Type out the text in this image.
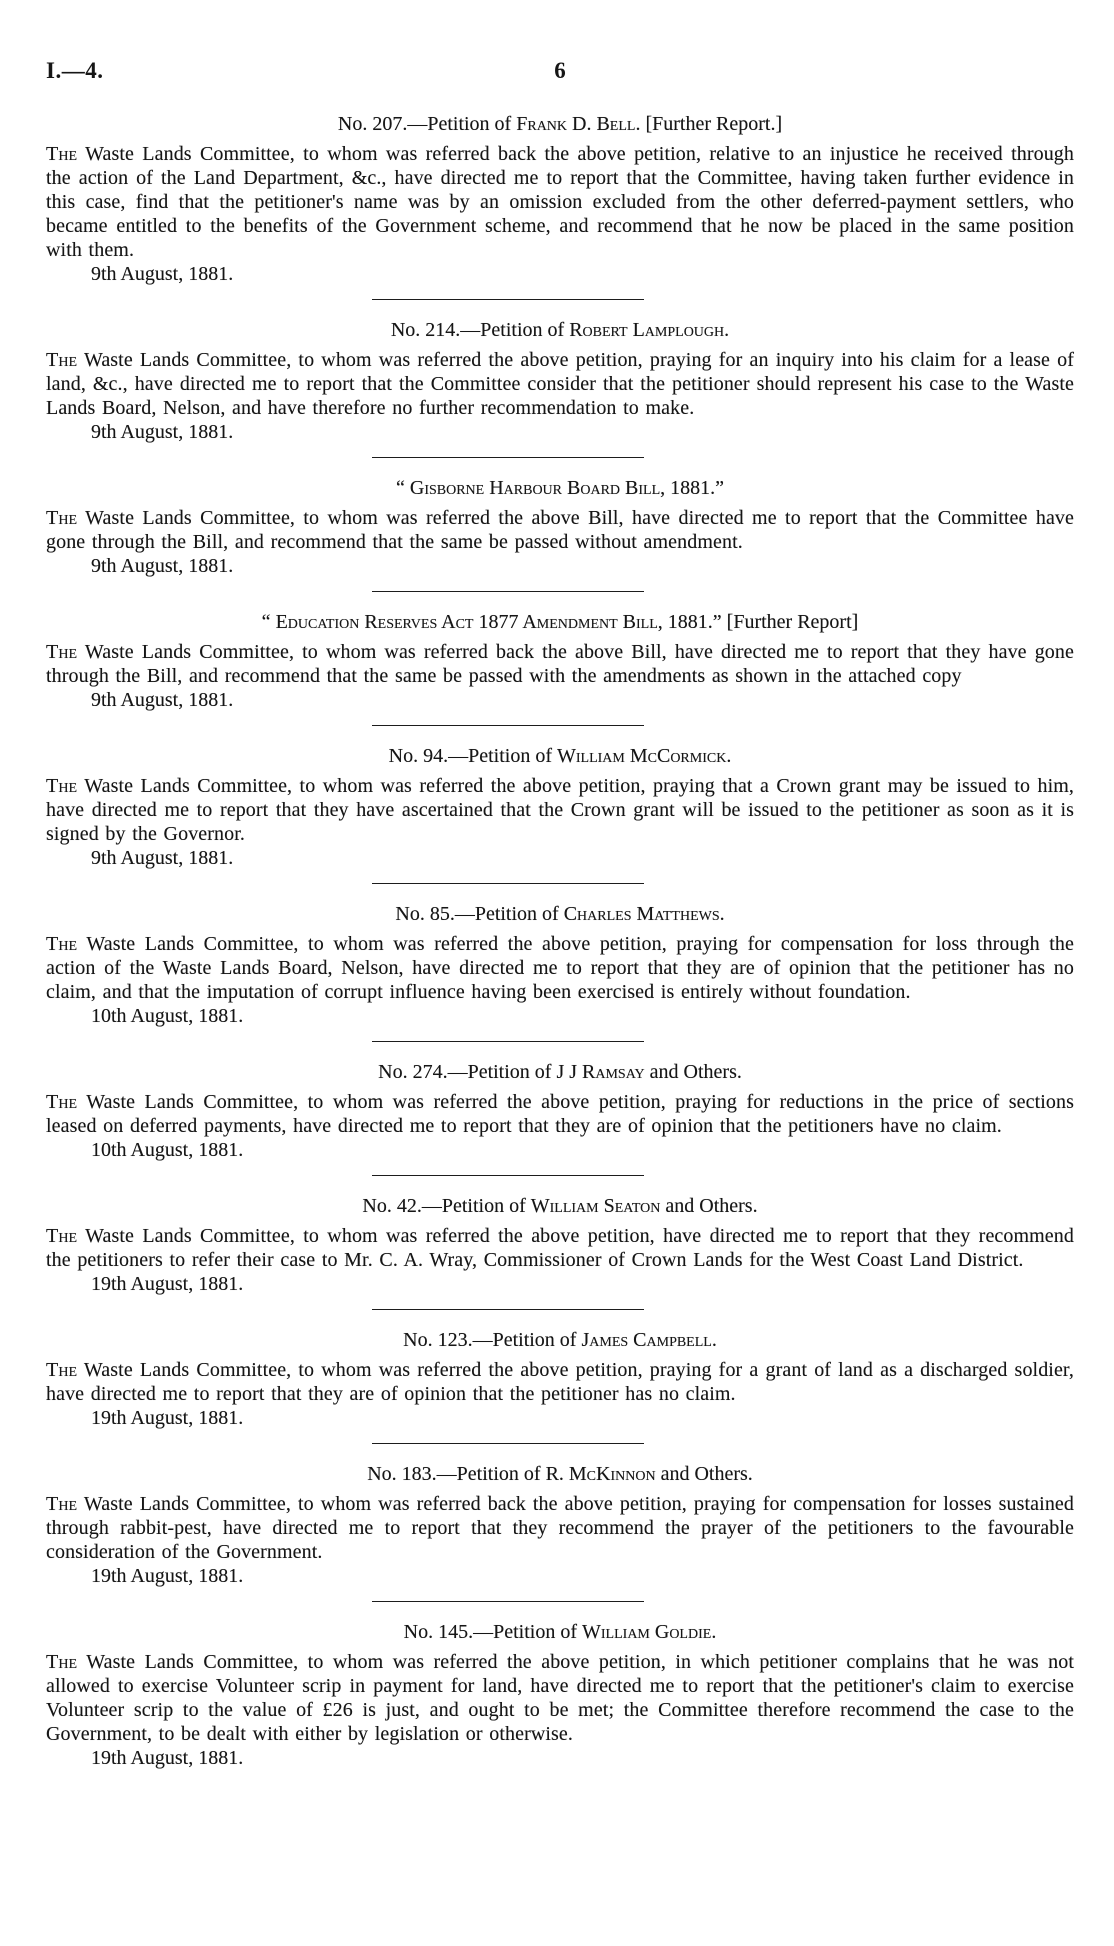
I.—4.	6
No. 207.—Petition of Frank D. Bell. [Further Report.]

The Waste Lands Committee, to whom was referred back the above petition, relative to an injustice he received through the action of the Land Department, &c., have directed me to report that the Committee, having taken further evidence in this case, find that the petitioner's name was by an omission excluded from the other deferred-payment settlers, who became entitled to the benefits of the Government scheme, and recommend that he now be placed in the same position with them.

9th August, 1881.

No. 214.—Petition of Robert Lamplough.

The Waste Lands Committee, to whom was referred the above petition, praying for an inquiry into his claim for a lease of land, &c., have directed me to report that the Committee consider that the petitioner should represent his case to the Waste Lands Board, Nelson, and have therefore no further recommendation to make.

9th August, 1881.

“ Gisborne Harbour Board Bill, 1881.”

The Waste Lands Committee, to whom was referred the above Bill, have directed me to report that the Committee have gone through the Bill, and recommend that the same be passed without amendment.

9th August, 1881.

“ Education Reserves Act 1877 Amendment Bill, 1881.” [Further Report]

The Waste Lands Committee, to whom was referred back the above Bill, have directed me to report that they have gone through the Bill, and recommend that the same be passed with the amendments as shown in the attached copy

9th August, 1881.

No. 94.—Petition of William McCormick.

The Waste Lands Committee, to whom was referred the above petition, praying that a Crown grant may be issued to him, have directed me to report that they have ascertained that the Crown grant will be issued to the petitioner as soon as it is signed by the Governor.

9th August, 1881.

No. 85.—Petition of Charles Matthews.

The Waste Lands Committee, to whom was referred the above petition, praying for compensation for loss through the action of the Waste Lands Board, Nelson, have directed me to report that they are of opinion that the petitioner has no claim, and that the imputation of corrupt influence having been exercised is entirely without foundation.

10th August, 1881.

No. 274.—Petition of J J Ramsay and Others.

The Waste Lands Committee, to whom was referred the above petition, praying for reductions in the price of sections leased on deferred payments, have directed me to report that they are of opinion that the petitioners have no claim.

10th August, 1881.

No. 42.—Petition of William Seaton and Others.

The Waste Lands Committee, to whom was referred the above petition, have directed me to report that they recommend the petitioners to refer their case to Mr. C. A. Wray, Commissioner of Crown Lands for the West Coast Land District.

19th August, 1881.

No. 123.—Petition of James Campbell.

The Waste Lands Committee, to whom was referred the above petition, praying for a grant of land as a discharged soldier, have directed me to report that they are of opinion that the petitioner has no claim.

19th August, 1881.

No. 183.—Petition of R. McKinnon and Others.

The Waste Lands Committee, to whom was referred back the above petition, praying for compensation for losses sustained through rabbit-pest, have directed me to report that they recommend the prayer of the petitioners to the favourable consideration of the Government.

19th August, 1881.

No. 145.—Petition of William Goldie.

The Waste Lands Committee, to whom was referred the above petition, in which petitioner complains that he was not allowed to exercise Volunteer scrip in payment for land, have directed me to report that the petitioner's claim to exercise Volunteer scrip to the value of £26 is just, and ought to be met; the Committee therefore recommend the case to the Government, to be dealt with either by legislation or otherwise.

19th August, 1881.
